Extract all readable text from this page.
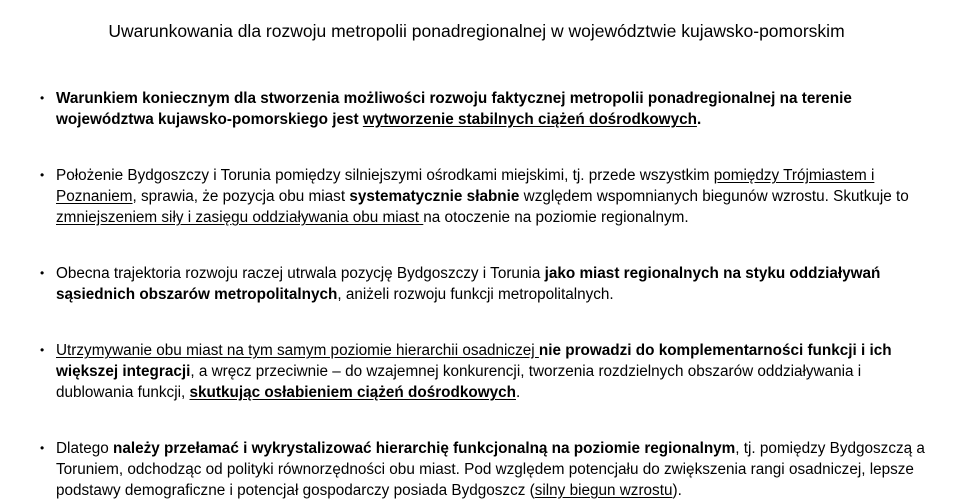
Uwarunkowania dla rozwoju metropolii ponadregionalnej w województwie kujawsko-pomorskim
• Warunkiem koniecznym dla stworzenia możliwości rozwoju faktycznej metropolii ponadregionalnej na terenie województwa kujawsko-pomorskiego jest wytworzenie stabilnych ciążeń dośrodkowych.
• Położenie Bydgoszczy i Torunia pomiędzy silniejszymi ośrodkami miejskimi, tj. przede wszystkim pomiędzy Trójmiastem i Poznaniem, sprawia, że pozycja obu miast systematycznie słabnie względem wspomnianych biegunów wzrostu. Skutkuje to zmniejszeniem siły i zasięgu oddziaływania obu miast na otoczenie na poziomie regionalnym.
• Obecna trajektoria rozwoju raczej utrwala pozycję Bydgoszczy i Torunia jako miast regionalnych na styku oddziaływań sąsiednich obszarów metropolitalnych, aniżeli rozwoju funkcji metropolitalnych.
• Utrzymywanie obu miast na tym samym poziomie hierarchii osadniczej nie prowadzi do komplementarności funkcji i ich większej integracji, a wręcz przeciwnie – do wzajemnej konkurencji, tworzenia rozdzielnych obszarów oddziaływania i dublowania funkcji, skutkując osłabieniem ciążeń dośrodkowych.
• Dlatego należy przełamać i wykrystalizować hierarchię funkcjonalną na poziomie regionalnym, tj. pomiędzy Bydgoszczą a Toruniem, odchodząc od polityki równorzędności obu miast. Pod względem potencjału do zwiększenia rangi osadniczej, lepsze podstawy demograficzne i potencjał gospodarczy posiada Bydgoszcz (silny biegun wzrostu).
